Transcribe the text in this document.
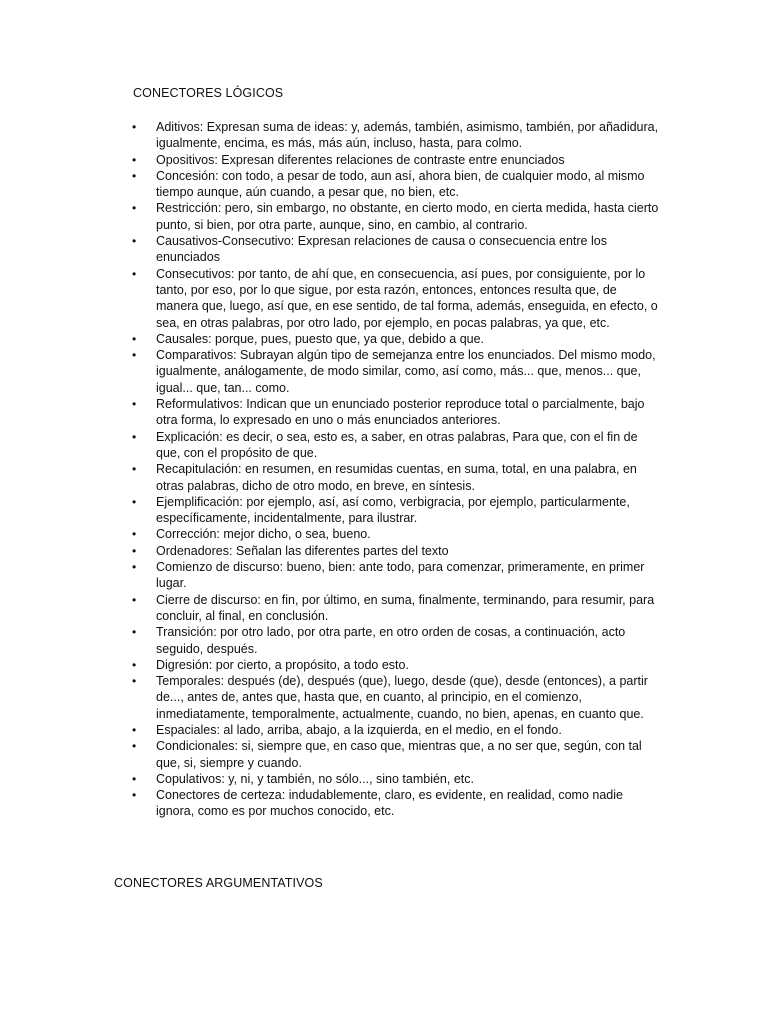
CONECTORES LÓGICOS
•	Aditivos: Expresan suma de ideas: y, además, también, asimismo, también, por añadidura, igualmente, encima, es más, más aún, incluso, hasta, para colmo.
•	Opositivos: Expresan diferentes relaciones de contraste entre enunciados
•	Concesión: con todo, a pesar de todo, aun así, ahora bien, de cualquier modo, al mismo tiempo aunque, aún cuando, a pesar que, no bien, etc.
•	Restricción: pero, sin embargo, no obstante, en cierto modo, en cierta medida, hasta cierto punto, si bien, por otra parte, aunque, sino, en cambio, al contrario.
•	Causativos-Consecutivo: Expresan relaciones de causa o consecuencia entre los enunciados
•	Consecutivos: por tanto, de ahí que, en consecuencia, así pues, por consiguiente, por lo tanto, por eso, por lo que sigue, por esta razón, entonces, entonces resulta que, de manera que, luego, así que, en ese sentido, de tal forma, además, enseguida, en efecto, o sea, en otras palabras, por otro lado, por ejemplo, en pocas palabras, ya que, etc.
•	Causales: porque, pues, puesto que, ya que, debido a que.
•	Comparativos: Subrayan algún tipo de semejanza entre los enunciados. Del mismo modo, igualmente, análogamente, de modo similar, como, así como, más... que, menos... que, igual... que, tan... como.
•	Reformulativos: Indican que un enunciado posterior reproduce total o parcialmente, bajo otra forma, lo expresado en uno o más enunciados anteriores.
•	Explicación: es decir, o sea, esto es, a saber, en otras palabras, Para que, con el fin de que, con el propósito de que.
•	Recapitulación: en resumen, en resumidas cuentas, en suma, total, en una palabra, en otras palabras, dicho de otro modo, en breve, en síntesis.
•	Ejemplificación: por ejemplo, así, así como, verbigracia, por ejemplo, particularmente, específicamente, incidentalmente, para ilustrar.
•	Corrección: mejor dicho, o sea, bueno.
•	Ordenadores: Señalan las diferentes partes del texto
•	Comienzo de discurso: bueno, bien: ante todo, para comenzar, primeramente, en primer lugar.
•	Cierre de discurso: en fin, por último, en suma, finalmente, terminando, para resumir, para concluir, al final, en conclusión.
•	Transición: por otro lado, por otra parte, en otro orden de cosas, a continuación, acto seguido, después.
•	Digresión: por cierto, a propósito, a todo esto.
•	Temporales: después (de), después (que), luego, desde (que), desde (entonces), a partir de..., antes de, antes que, hasta que, en cuanto, al principio, en el comienzo, inmediatamente, temporalmente, actualmente, cuando, no bien, apenas, en cuanto que.
•	Espaciales: al lado, arriba, abajo, a la izquierda, en el medio, en el fondo.
•	Condicionales: si, siempre que, en caso que, mientras que, a no ser que, según, con tal que, si, siempre y cuando.
•	Copulativos: y, ni, y también, no sólo..., sino también, etc.
•	Conectores de certeza: indudablemente, claro, es evidente, en realidad, como nadie ignora, como es por muchos conocido, etc.
CONECTORES ARGUMENTATIVOS
